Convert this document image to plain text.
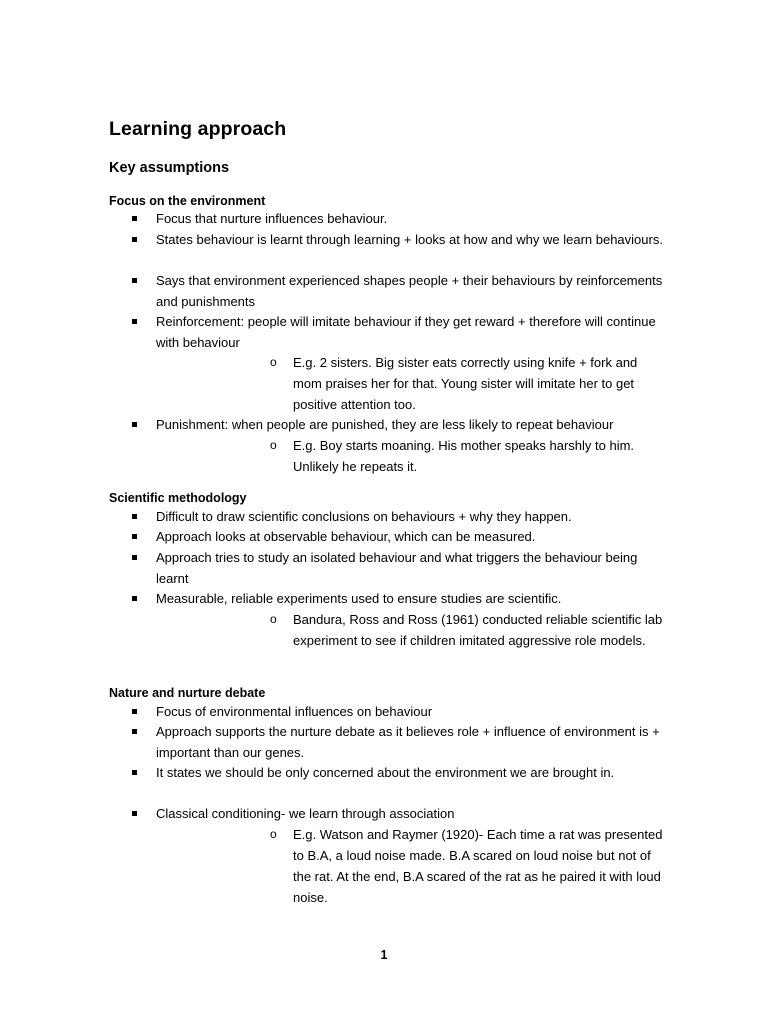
Learning approach
Key assumptions
Focus on the environment
Focus that nurture influences behaviour.
States behaviour is learnt through learning + looks at how and why we learn behaviours.
Says that environment experienced shapes people + their behaviours by reinforcements and punishments
Reinforcement: people will imitate behaviour if they get reward + therefore will continue with behaviour
o E.g. 2 sisters. Big sister eats correctly using knife + fork and mom praises her for that. Young sister will imitate her to get positive attention too.
Punishment: when people are punished, they are less likely to repeat behaviour
o E.g. Boy starts moaning. His mother speaks harshly to him. Unlikely he repeats it.
Scientific methodology
Difficult to draw scientific conclusions on behaviours + why they happen.
Approach looks at observable behaviour, which can be measured.
Approach tries to study an isolated behaviour and what triggers the behaviour being learnt
Measurable, reliable experiments used to ensure studies are scientific.
o Bandura, Ross and Ross (1961) conducted reliable scientific lab experiment to see if children imitated aggressive role models.
Nature and nurture debate
Focus of environmental influences on behaviour
Approach supports the nurture debate as it believes role + influence of environment is + important than our genes.
It states we should be only concerned about the environment we are brought in.
Classical conditioning- we learn through association
o E.g. Watson and Raymer (1920)- Each time a rat was presented to B.A, a loud noise made. B.A scared on loud noise but not of the rat. At the end, B.A scared of the rat as he paired it with loud noise.
1
